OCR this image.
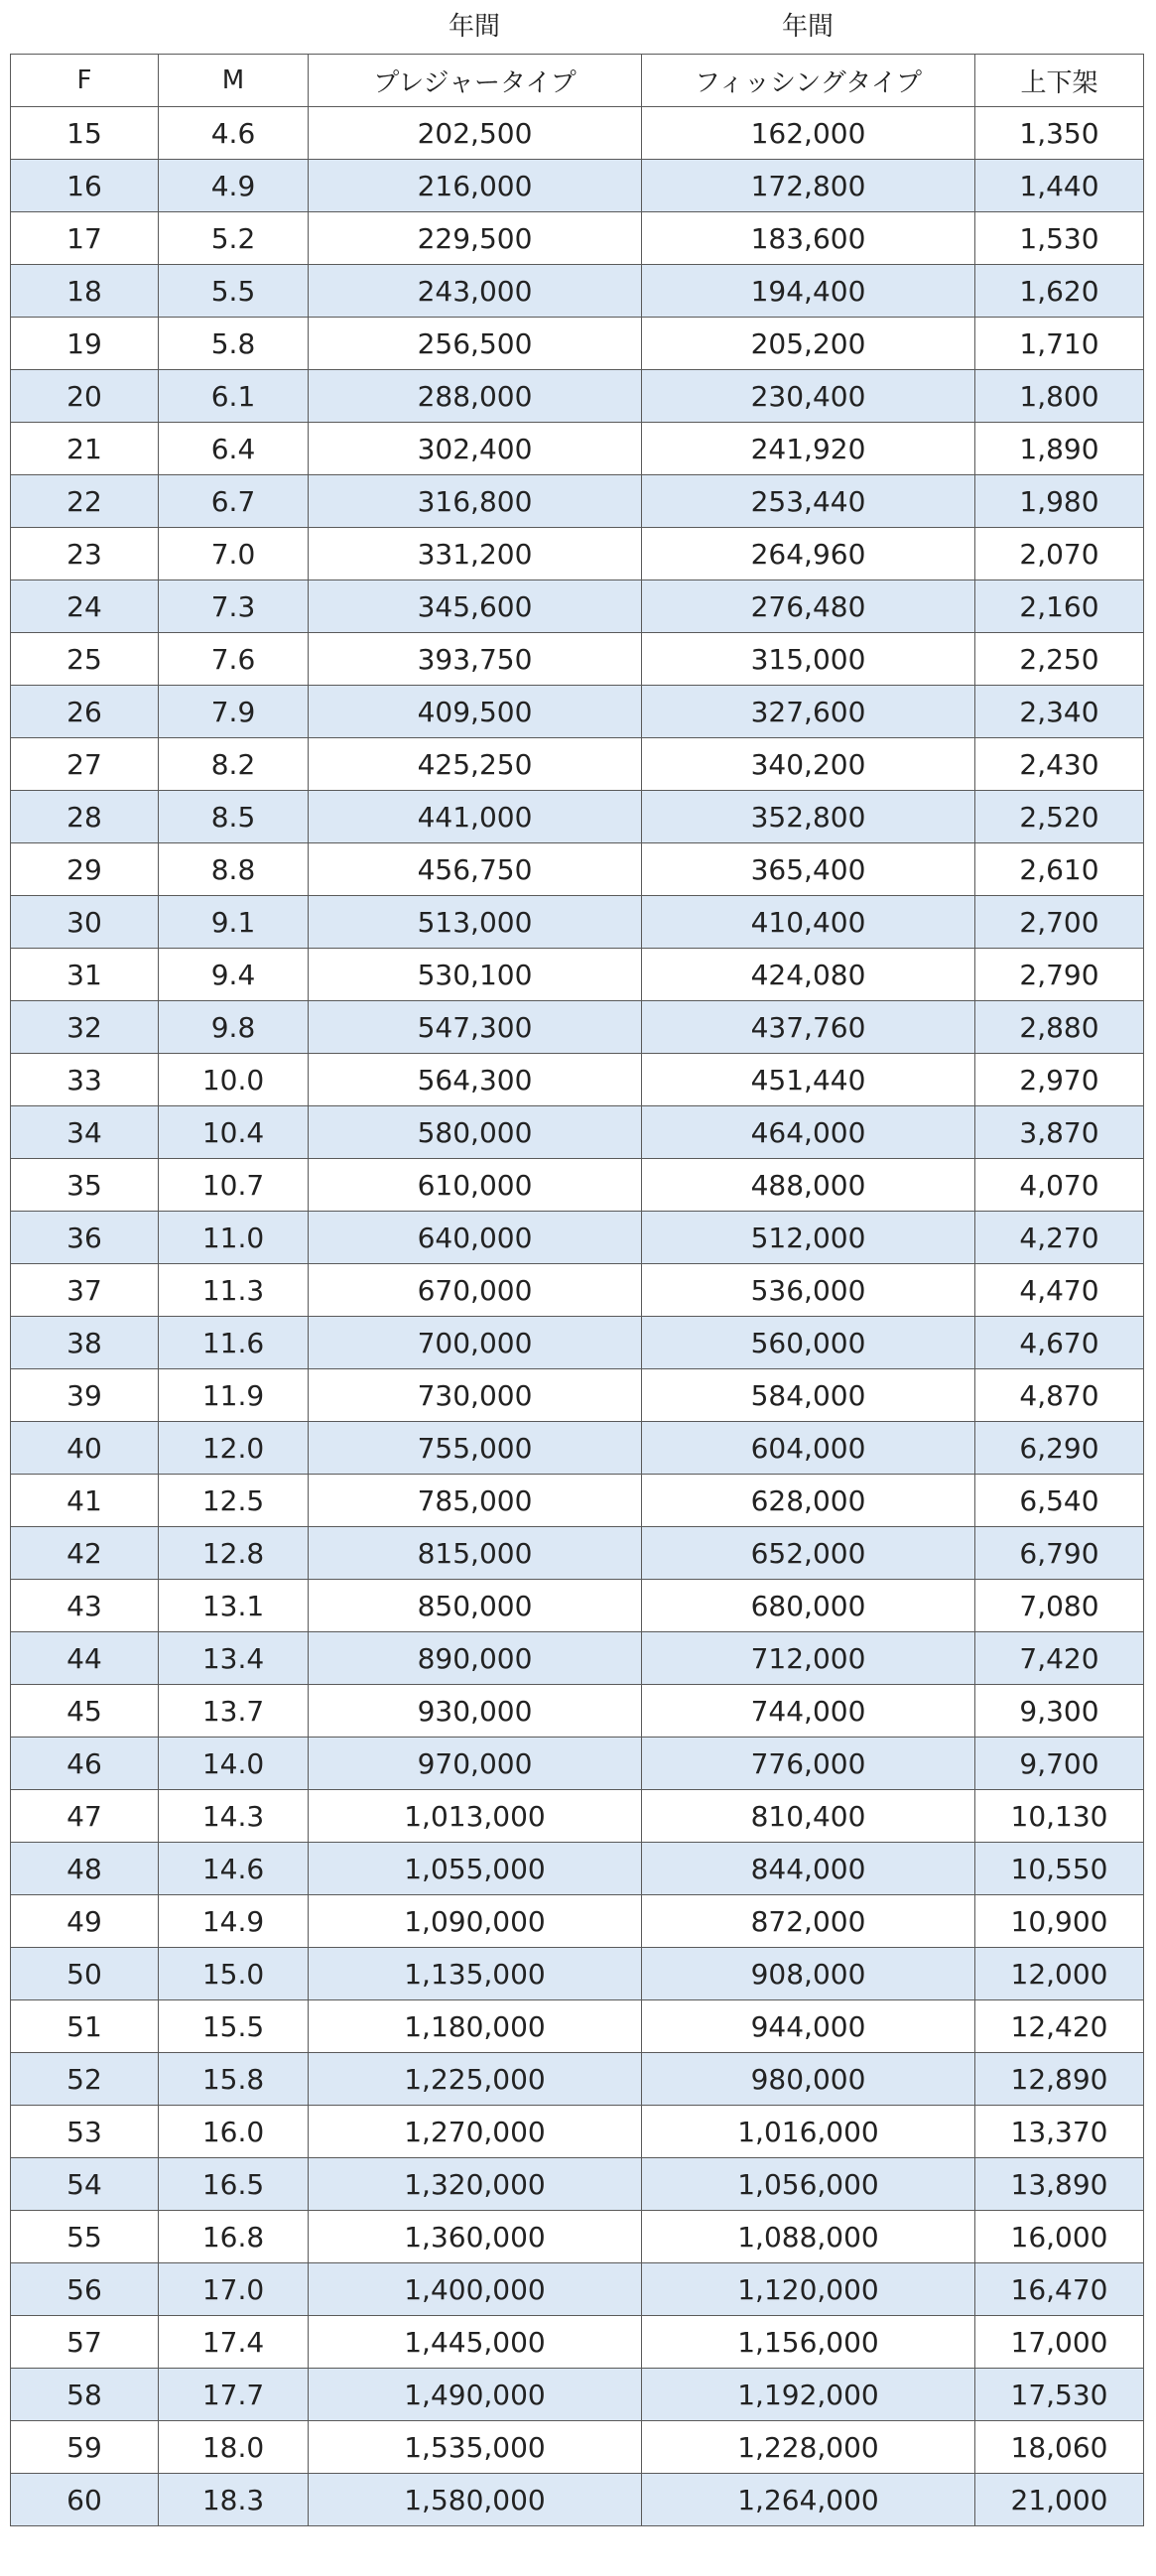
年間	年間
F	M	プレジャータイプ	フィッシングタイプ	上下架
15	4.6	202,500	162,000	1,350
16	4.9	216,000	172,800	1,440
17	5.2	229,500	183,600	1,530
18	5.5	243,000	194,400	1,620
19	5.8	256,500	205,200	1,710
20	6.1	288,000	230,400	1,800
21	6.4	302,400	241,920	1,890
22	6.7	316,800	253,440	1,980
23	7.0	331,200	264,960	2,070
24	7.3	345,600	276,480	2,160
25	7.6	393,750	315,000	2,250
26	7.9	409,500	327,600	2,340
27	8.2	425,250	340,200	2,430
28	8.5	441,000	352,800	2,520
29	8.8	456,750	365,400	2,610
30	9.1	513,000	410,400	2,700
31	9.4	530,100	424,080	2,790
32	9.8	547,300	437,760	2,880
33	10.0	564,300	451,440	2,970
34	10.4	580,000	464,000	3,870
35	10.7	610,000	488,000	4,070
36	11.0	640,000	512,000	4,270
37	11.3	670,000	536,000	4,470
38	11.6	700,000	560,000	4,670
39	11.9	730,000	584,000	4,870
40	12.0	755,000	604,000	6,290
41	12.5	785,000	628,000	6,540
42	12.8	815,000	652,000	6,790
43	13.1	850,000	680,000	7,080
44	13.4	890,000	712,000	7,420
45	13.7	930,000	744,000	9,300
46	14.0	970,000	776,000	9,700
47	14.3	1,013,000	810,400	10,130
48	14.6	1,055,000	844,000	10,550
49	14.9	1,090,000	872,000	10,900
50	15.0	1,135,000	908,000	12,000
51	15.5	1,180,000	944,000	12,420
52	15.8	1,225,000	980,000	12,890
53	16.0	1,270,000	1,016,000	13,370
54	16.5	1,320,000	1,056,000	13,890
55	16.8	1,360,000	1,088,000	16,000
56	17.0	1,400,000	1,120,000	16,470
57	17.4	1,445,000	1,156,000	17,000
58	17.7	1,490,000	1,192,000	17,530
59	18.0	1,535,000	1,228,000	18,060
60	18.3	1,580,000	1,264,000	21,000
